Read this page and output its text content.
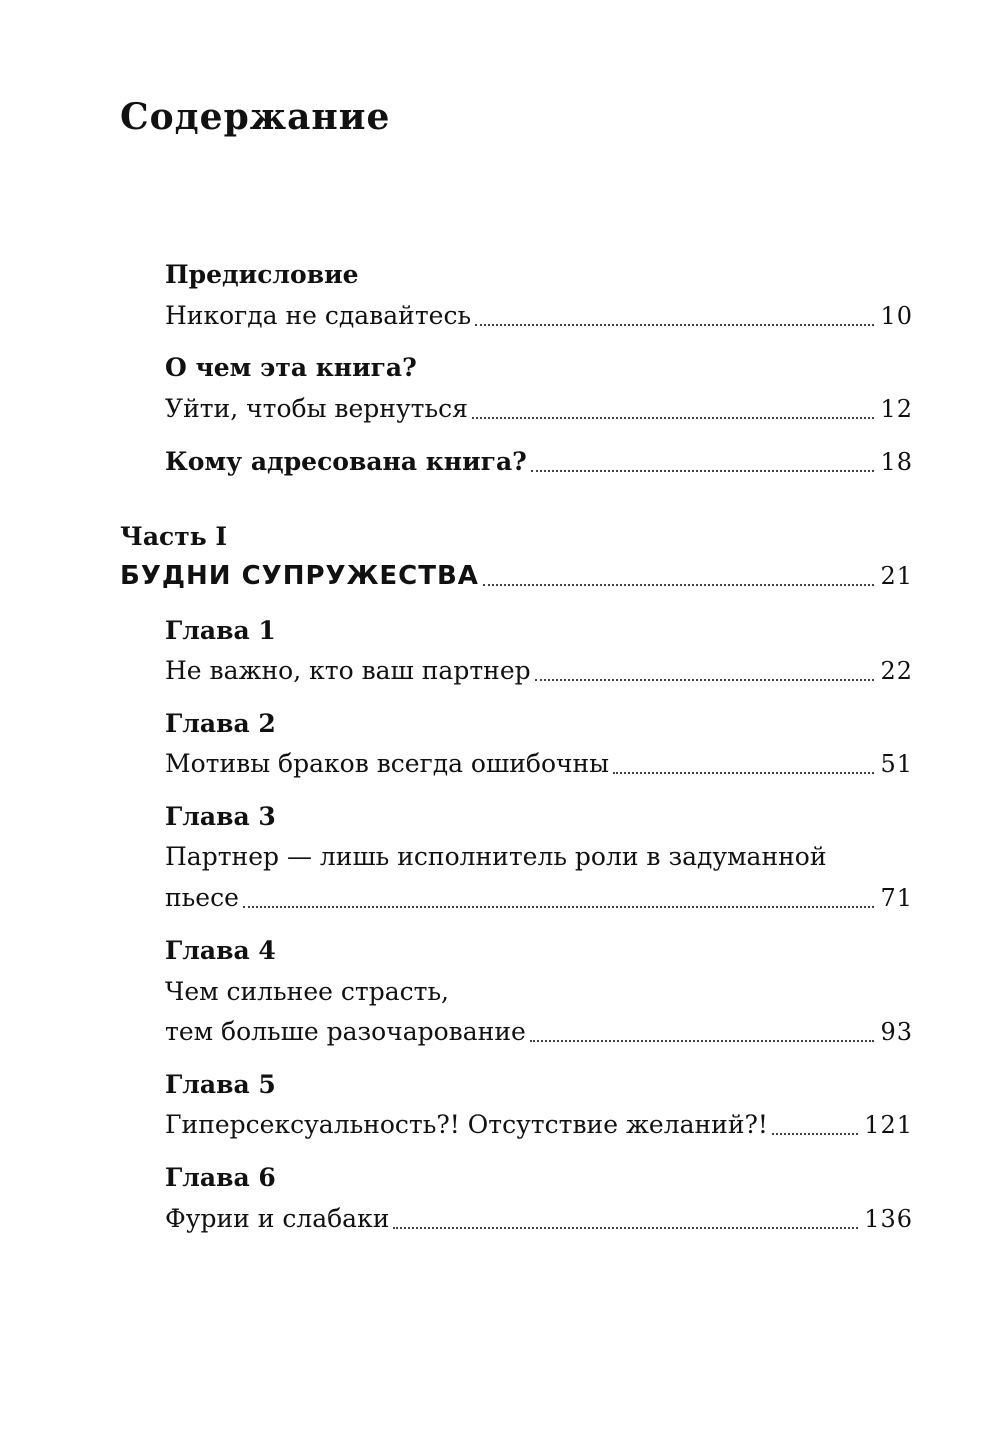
Содержание
Предисловие
Никогда не сдавайтесь	10
О чем эта книга?
Уйти, чтобы вернуться	12
Кому адресована книга?	18
Часть I
БУДНИ СУПРУЖЕСТВА	21
Глава 1
Не важно, кто ваш партнер	22
Глава 2
Мотивы браков всегда ошибочны	51
Глава 3
Партнер — лишь исполнитель роли в задуманной
пьесе	71
Глава 4
Чем сильнее страсть,
тем больше разочарование	93
Глава 5
Гиперсексуальность?! Отсутствие желаний?!	121
Глава 6
Фурии и слабаки	136
